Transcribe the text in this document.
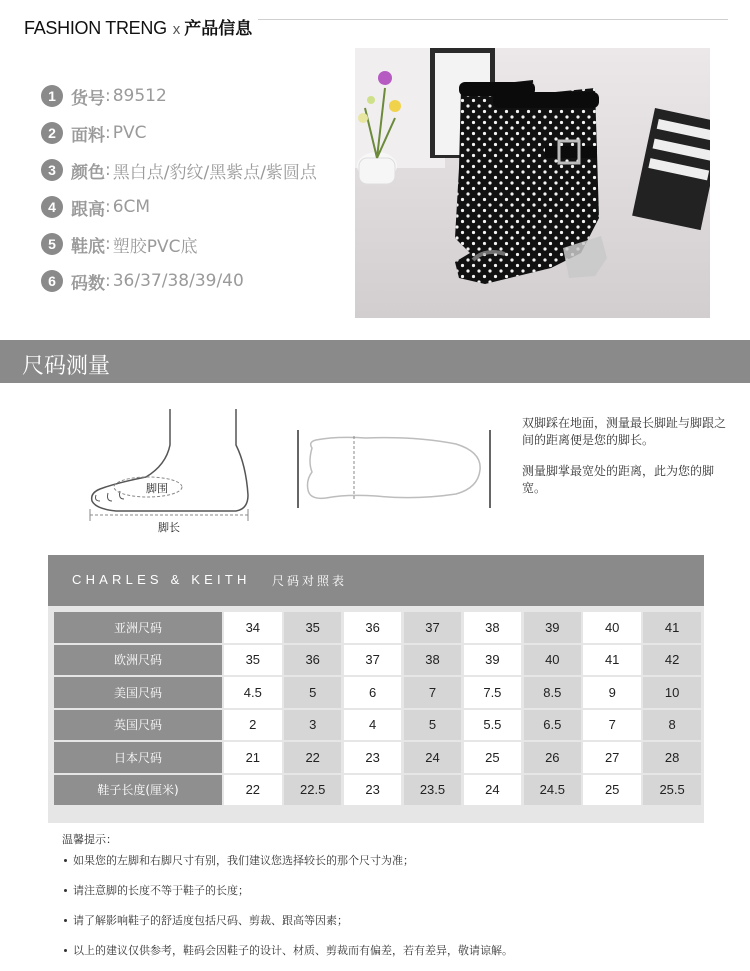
FASHION TRENG x 产品信息
1 货号 : 89512
2 面料 : PVC
3 颜色 : 黑白点/豹纹/黑紫点/紫圆点
4 跟高 : 6CM
5 鞋底 : 塑胶PVC底
6 码数 : 36/37/38/39/40
尺码测量
脚围
脚长
双脚踩在地面，测量最长脚趾与脚跟之间的距离便是您的脚长。
测量脚掌最宽处的距离，此为您的脚宽。
CHARLES & KEITH 尺码对照表
亚洲尺码	34	35	36	37	38	39	40	41
欧洲尺码	35	36	37	38	39	40	41	42
美国尺码	4.5	5	6	7	7.5	8.5	9	10
英国尺码	2	3	4	5	5.5	6.5	7	8
日本尺码	21	22	23	24	25	26	27	28
鞋子长度(厘米)	22	22.5	23	23.5	24	24.5	25	25.5
温馨提示：
如果您的左脚和右脚尺寸有别，我们建议您选择较长的那个尺寸为准；
请注意脚的长度不等于鞋子的长度；
请了解影响鞋子的舒适度包括尺码、剪裁、跟高等因素；
以上的建议仅供参考，鞋码会因鞋子的设计、材质、剪裁而有偏差，若有差异，敬请谅解。
